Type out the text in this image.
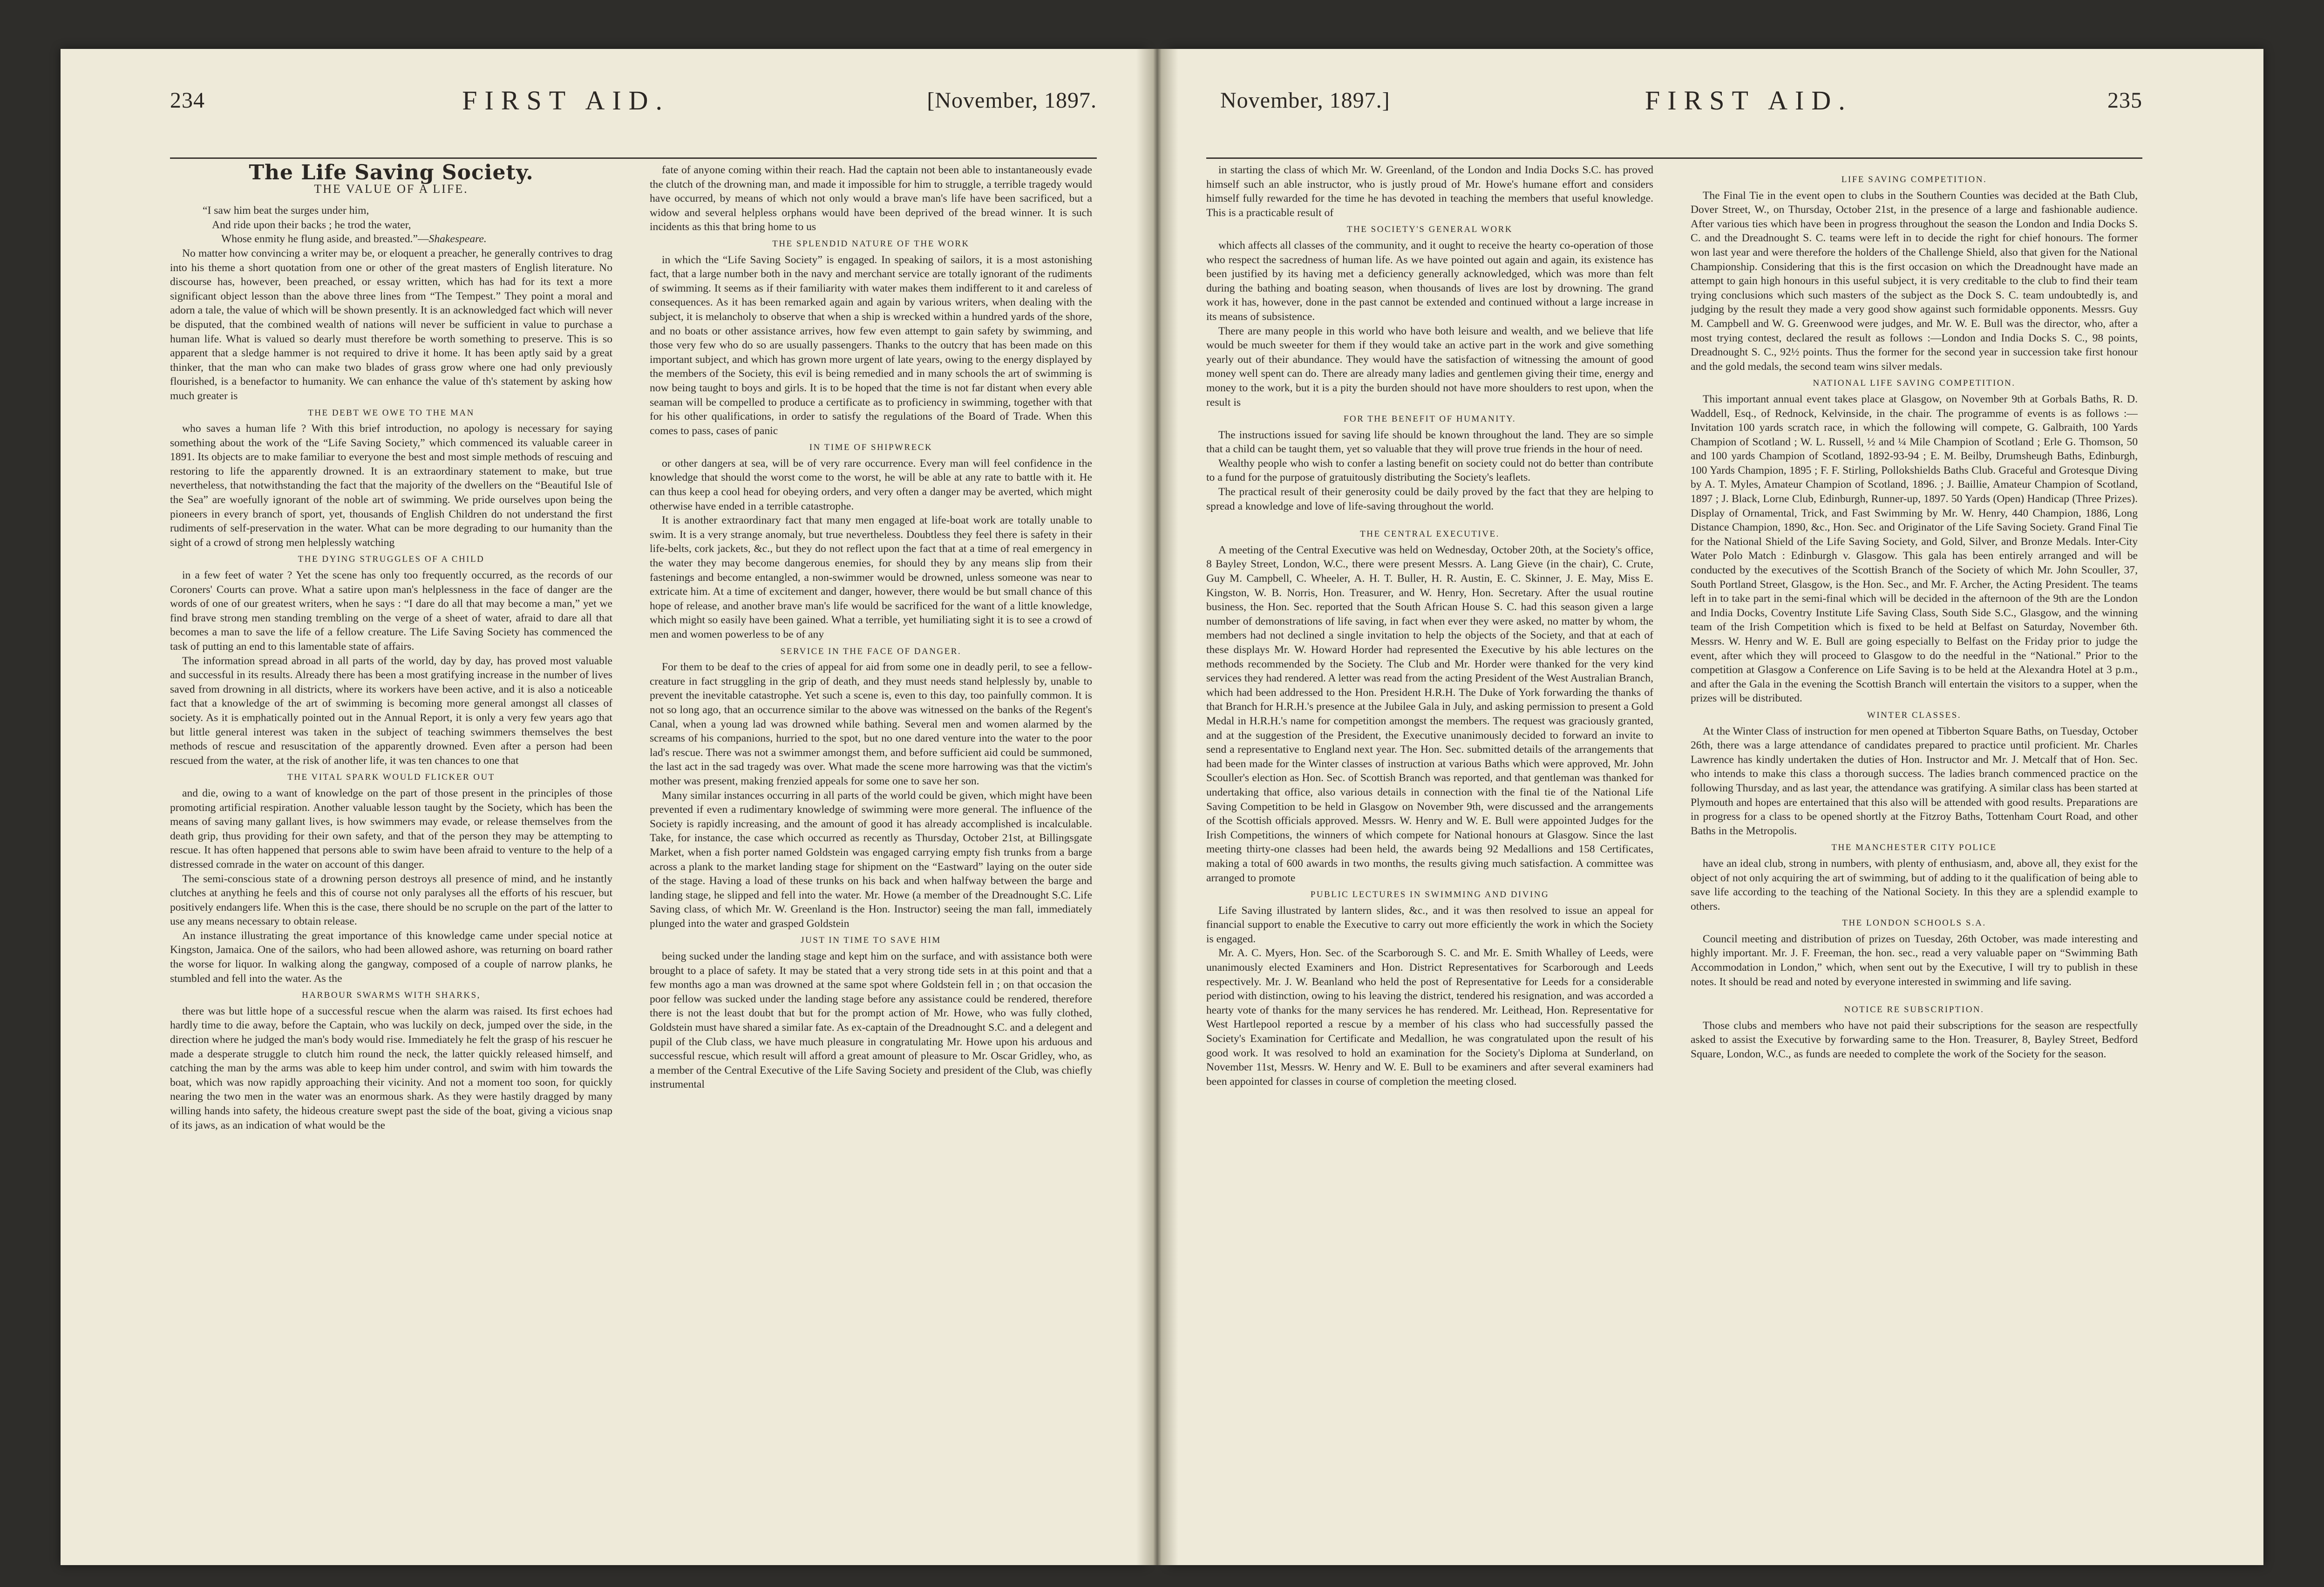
234	FIRST AID.	[November, 1897.	November, 1897.]	FIRST AID.	235
The Life Saving Society.
THE VALUE OF A LIFE.
“I saw him beat the surges under him,
And ride upon their backs ; he trod the water,
Whose enmity he flung aside, and breasted.”—Shakespeare.

No matter how convincing a writer may be, or eloquent a preacher, he generally contrives to drag into his theme a short quotation from one or other of the great masters of English literature. No discourse has, however, been preached, or essay written, which has had for its text a more significant object lesson than the above three lines from “The Tempest.” They point a moral and adorn a tale, the value of which will be shown presently. It is an acknowledged fact which will never be disputed, that the combined wealth of nations will never be sufficient in value to purchase a human life. What is valued so dearly must therefore be worth something to preserve. This is so apparent that a sledge hammer is not required to drive it home. It has been aptly said by a great thinker, that the man who can make two blades of grass grow where one had only previously flourished, is a benefactor to humanity. We can enhance the value of th's statement by asking how much greater is

THE DEBT WE OWE TO THE MAN

who saves a human life ? With this brief introduction, no apology is necessary for saying something about the work of the “Life Saving Society,” which commenced its valuable career in 1891. Its objects are to make familiar to everyone the best and most simple methods of rescuing and restoring to life the apparently drowned. It is an extraordinary statement to make, but true nevertheless, that notwithstanding the fact that the majority of the dwellers on the “Beautiful Isle of the Sea” are woefully ignorant of the noble art of swimming. We pride ourselves upon being the pioneers in every branch of sport, yet, thousands of English Children do not understand the first rudiments of self-preservation in the water. What can be more degrading to our humanity than the sight of a crowd of strong men helplessly watching

THE DYING STRUGGLES OF A CHILD

in a few feet of water ? Yet the scene has only too frequently occurred, as the records of our Coroners' Courts can prove. What a satire upon man's helplessness in the face of danger are the words of one of our greatest writers, when he says : “I dare do all that may become a man,” yet we find brave strong men standing trembling on the verge of a sheet of water, afraid to dare all that becomes a man to save the life of a fellow creature. The Life Saving Society has commenced the task of putting an end to this lamentable state of affairs.

The information spread abroad in all parts of the world, day by day, has proved most valuable and successful in its results. Already there has been a most gratifying increase in the number of lives saved from drowning in all districts, where its workers have been active, and it is also a noticeable fact that a knowledge of the art of swimming is becoming more general amongst all classes of society. As it is emphatically pointed out in the Annual Report, it is only a very few years ago that but little general interest was taken in the subject of teaching swimmers themselves the best methods of rescue and resuscitation of the apparently drowned. Even after a person had been rescued from the water, at the risk of another life, it was ten chances to one that

THE VITAL SPARK WOULD FLICKER OUT

and die, owing to a want of knowledge on the part of those present in the principles of those promoting artificial respiration. Another valuable lesson taught by the Society, which has been the means of saving many gallant lives, is how swimmers may evade, or release themselves from the death grip, thus providing for their own safety, and that of the person they may be attempting to rescue. It has often happened that persons able to swim have been afraid to venture to the help of a distressed comrade in the water on account of this danger.

The semi-conscious state of a drowning person destroys all presence of mind, and he instantly clutches at anything he feels and this of course not only paralyses all the efforts of his rescuer, but positively endangers life. When this is the case, there should be no scruple on the part of the latter to use any means necessary to obtain release.

An instance illustrating the great importance of this knowledge came under special notice at Kingston, Jamaica. One of the sailors, who had been allowed ashore, was returning on board rather the worse for liquor. In walking along the gangway, composed of a couple of narrow planks, he stumbled and fell into the water. As the

HARBOUR SWARMS WITH SHARKS,

there was but little hope of a successful rescue when the alarm was raised. Its first echoes had hardly time to die away, before the Captain, who was luckily on deck, jumped over the side, in the direction where he judged the man's body would rise. Immediately he felt the grasp of his rescuer he made a desperate struggle to clutch him round the neck, the latter quickly released himself, and catching the man by the arms was able to keep him under control, and swim with him towards the boat, which was now rapidly approaching their vicinity. And not a moment too soon, for quickly nearing the two men in the water was an enormous shark. As they were hastily dragged by many willing hands into safety, the hideous creature swept past the side of the boat, giving a vicious snap of its jaws, as an indication of what would be the

fate of anyone coming within their reach. Had the captain not been able to instantaneously evade the clutch of the drowning man, and made it impossible for him to struggle, a terrible tragedy would have occurred, by means of which not only would a brave man's life have been sacrificed, but a widow and several helpless orphans would have been deprived of the bread winner. It is such incidents as this that bring home to us

THE SPLENDID NATURE OF THE WORK

in which the “Life Saving Society” is engaged. In speaking of sailors, it is a most astonishing fact, that a large number both in the navy and merchant service are totally ignorant of the rudiments of swimming. It seems as if their familiarity with water makes them indifferent to it and careless of consequences. As it has been remarked again and again by various writers, when dealing with the subject, it is melancholy to observe that when a ship is wrecked within a hundred yards of the shore, and no boats or other assistance arrives, how few even attempt to gain safety by swimming, and those very few who do so are usually passengers. Thanks to the outcry that has been made on this important subject, and which has grown more urgent of late years, owing to the energy displayed by the members of the Society, this evil is being remedied and in many schools the art of swimming is now being taught to boys and girls. It is to be hoped that the time is not far distant when every able seaman will be compelled to produce a certificate as to proficiency in swimming, together with that for his other qualifications, in order to satisfy the regulations of the Board of Trade. When this comes to pass, cases of panic

IN TIME OF SHIPWRECK

or other dangers at sea, will be of very rare occurrence. Every man will feel confidence in the knowledge that should the worst come to the worst, he will be able at any rate to battle with it. He can thus keep a cool head for obeying orders, and very often a danger may be averted, which might otherwise have ended in a terrible catastrophe.

It is another extraordinary fact that many men engaged at life-boat work are totally unable to swim. It is a very strange anomaly, but true nevertheless. Doubtless they feel there is safety in their life-belts, cork jackets, &c., but they do not reflect upon the fact that at a time of real emergency in the water they may become dangerous enemies, for should they by any means slip from their fastenings and become entangled, a non-swimmer would be drowned, unless someone was near to extricate him. At a time of excitement and danger, however, there would be but small chance of this hope of release, and another brave man's life would be sacrificed for the want of a little knowledge, which might so easily have been gained. What a terrible, yet humiliating sight it is to see a crowd of men and women powerless to be of any

SERVICE IN THE FACE OF DANGER.

For them to be deaf to the cries of appeal for aid from some one in deadly peril, to see a fellow-creature in fact struggling in the grip of death, and they must needs stand helplessly by, unable to prevent the inevitable catastrophe. Yet such a scene is, even to this day, too painfully common. It is not so long ago, that an occurrence similar to the above was witnessed on the banks of the Regent's Canal, when a young lad was drowned while bathing. Several men and women alarmed by the screams of his companions, hurried to the spot, but no one dared venture into the water to the poor lad's rescue. There was not a swimmer amongst them, and before sufficient aid could be summoned, the last act in the sad tragedy was over. What made the scene more harrowing was that the victim's mother was present, making frenzied appeals for some one to save her son.

Many similar instances occurring in all parts of the world could be given, which might have been prevented if even a rudimentary knowledge of swimming were more general. The influence of the Society is rapidly increasing, and the amount of good it has already accomplished is incalculable. Take, for instance, the case which occurred as recently as Thursday, October 21st, at Billingsgate Market, when a fish porter named Goldstein was engaged carrying empty fish trunks from a barge across a plank to the market landing stage for shipment on the “Eastward” laying on the outer side of the stage. Having a load of these trunks on his back and when halfway between the barge and landing stage, he slipped and fell into the water. Mr. Howe (a member of the Dreadnought S.C. Life Saving class, of which Mr. W. Greenland is the Hon. Instructor) seeing the man fall, immediately plunged into the water and grasped Goldstein

JUST IN TIME TO SAVE HIM

being sucked under the landing stage and kept him on the surface, and with assistance both were brought to a place of safety. It may be stated that a very strong tide sets in at this point and that a few months ago a man was drowned at the same spot where Goldstein fell in ; on that occasion the poor fellow was sucked under the landing stage before any assistance could be rendered, therefore there is not the least doubt that but for the prompt action of Mr. Howe, who was fully clothed, Goldstein must have shared a similar fate. As ex-captain of the Dreadnought S.C. and a delegent and pupil of the Club class, we have much pleasure in congratulating Mr. Howe upon his arduous and successful rescue, which result will afford a great amount of pleasure to Mr. Oscar Gridley, who, as a member of the Central Executive of the Life Saving Society and president of the Club, was chiefly instrumental

in starting the class of which Mr. W. Greenland, of the London and India Docks S.C. has proved himself such an able instructor, who is justly proud of Mr. Howe's humane effort and considers himself fully rewarded for the time he has devoted in teaching the members that useful knowledge. This is a practicable result of

THE SOCIETY'S GENERAL WORK

which affects all classes of the community, and it ought to receive the hearty co-operation of those who respect the sacredness of human life. As we have pointed out again and again, its existence has been justified by its having met a deficiency generally acknowledged, which was more than felt during the bathing and boating season, when thousands of lives are lost by drowning. The grand work it has, however, done in the past cannot be extended and continued without a large increase in its means of subsistence.

There are many people in this world who have both leisure and wealth, and we believe that life would be much sweeter for them if they would take an active part in the work and give something yearly out of their abundance. They would have the satisfaction of witnessing the amount of good money well spent can do. There are already many ladies and gentlemen giving their time, energy and money to the work, but it is a pity the burden should not have more shoulders to rest upon, when the result is

FOR THE BENEFIT OF HUMANITY.

The instructions issued for saving life should be known throughout the land. They are so simple that a child can be taught them, yet so valuable that they will prove true friends in the hour of need.

Wealthy people who wish to confer a lasting benefit on society could not do better than contribute to a fund for the purpose of gratuitously distributing the Society's leaflets.

The practical result of their generosity could be daily proved by the fact that they are helping to spread a knowledge and love of life-saving throughout the world.

THE CENTRAL EXECUTIVE.

A meeting of the Central Executive was held on Wednesday, October 20th, at the Society's office, 8 Bayley Street, London, W.C., there were present Messrs. A. Lang Gieve (in the chair), C. Crute, Guy M. Campbell, C. Wheeler, A. H. T. Buller, H. R. Austin, E. C. Skinner, J. E. May, Miss E. Kingston, W. B. Norris, Hon. Treasurer, and W. Henry, Hon. Secretary. After the usual routine business, the Hon. Sec. reported that the South African House S. C. had this season given a large number of demonstrations of life saving, in fact when ever they were asked, no matter by whom, the members had not declined a single invitation to help the objects of the Society, and that at each of these displays Mr. W. Howard Horder had represented the Executive by his able lectures on the methods recommended by the Society. The Club and Mr. Horder were thanked for the very kind services they had rendered. A letter was read from the acting President of the West Australian Branch, which had been addressed to the Hon. President H.R.H. The Duke of York forwarding the thanks of that Branch for H.R.H.'s presence at the Jubilee Gala in July, and asking permission to present a Gold Medal in H.R.H.'s name for competition amongst the members. The request was graciously granted, and at the suggestion of the President, the Executive unanimously decided to forward an invite to send a representative to England next year. The Hon. Sec. submitted details of the arrangements that had been made for the Winter classes of instruction at various Baths which were approved, Mr. John Scouller's election as Hon. Sec. of Scottish Branch was reported, and that gentleman was thanked for undertaking that office, also various details in connection with the final tie of the National Life Saving Competition to be held in Glasgow on November 9th, were discussed and the arrangements of the Scottish officials approved. Messrs. W. Henry and W. E. Bull were appointed Judges for the Irish Competitions, the winners of which compete for National honours at Glasgow. Since the last meeting thirty-one classes had been held, the awards being 92 Medallions and 158 Certificates, making a total of 600 awards in two months, the results giving much satisfaction. A committee was arranged to promote

PUBLIC LECTURES IN SWIMMING AND DIVING

Life Saving illustrated by lantern slides, &c., and it was then resolved to issue an appeal for financial support to enable the Executive to carry out more efficiently the work in which the Society is engaged.

Mr. A. C. Myers, Hon. Sec. of the Scarborough S. C. and Mr. E. Smith Whalley of Leeds, were unanimously elected Examiners and Hon. District Representatives for Scarborough and Leeds respectively. Mr. J. W. Beanland who held the post of Representative for Leeds for a considerable period with distinction, owing to his leaving the district, tendered his resignation, and was accorded a hearty vote of thanks for the many services he has rendered. Mr. Leithead, Hon. Representative for West Hartlepool reported a rescue by a member of his class who had successfully passed the Society's Examination for Certificate and Medallion, he was congratulated upon the result of his good work. It was resolved to hold an examination for the Society's Diploma at Sunderland, on November 11st, Messrs. W. Henry and W. E. Bull to be examiners and after several examiners had been appointed for classes in course of completion the meeting closed.

LIFE SAVING COMPETITION.

The Final Tie in the event open to clubs in the Southern Counties was decided at the Bath Club, Dover Street, W., on Thursday, October 21st, in the presence of a large and fashionable audience. After various ties which have been in progress throughout the season the London and India Docks S. C. and the Dreadnought S. C. teams were left in to decide the right for chief honours. The former won last year and were therefore the holders of the Challenge Shield, also that given for the National Championship. Considering that this is the first occasion on which the Dreadnought have made an attempt to gain high honours in this useful subject, it is very creditable to the club to find their team trying conclusions which such masters of the subject as the Dock S. C. team undoubtedly is, and judging by the result they made a very good show against such formidable opponents. Messrs. Guy M. Campbell and W. G. Greenwood were judges, and Mr. W. E. Bull was the director, who, after a most trying contest, declared the result as follows :—London and India Docks S. C., 98 points, Dreadnought S. C., 92½ points. Thus the former for the second year in succession take first honour and the gold medals, the second team wins silver medals.

NATIONAL LIFE SAVING COMPETITION.

This important annual event takes place at Glasgow, on November 9th at Gorbals Baths, R. D. Waddell, Esq., of Rednock, Kelvinside, in the chair. The programme of events is as follows :—Invitation 100 yards scratch race, in which the following will compete, G. Galbraith, 100 Yards Champion of Scotland ; W. L. Russell, ½ and ¼ Mile Champion of Scotland ; Erle G. Thomson, 50 and 100 yards Champion of Scotland, 1892-93-94 ; E. M. Beilby, Drumsheugh Baths, Edinburgh, 100 Yards Champion, 1895 ; F. F. Stirling, Pollokshields Baths Club. Graceful and Grotesque Diving by A. T. Myles, Amateur Champion of Scotland, 1896. ; J. Baillie, Amateur Champion of Scotland, 1897 ; J. Black, Lorne Club, Edinburgh, Runner-up, 1897. 50 Yards (Open) Handicap (Three Prizes). Display of Ornamental, Trick, and Fast Swimming by Mr. W. Henry, 440 Champion, 1886, Long Distance Champion, 1890, &c., Hon. Sec. and Originator of the Life Saving Society. Grand Final Tie for the National Shield of the Life Saving Society, and Gold, Silver, and Bronze Medals. Inter-City Water Polo Match : Edinburgh v. Glasgow. This gala has been entirely arranged and will be conducted by the executives of the Scottish Branch of the Society of which Mr. John Scouller, 37, South Portland Street, Glasgow, is the Hon. Sec., and Mr. F. Archer, the Acting President. The teams left in to take part in the semi-final which will be decided in the afternoon of the 9th are the London and India Docks, Coventry Institute Life Saving Class, South Side S.C., Glasgow, and the winning team of the Irish Competition which is fixed to be held at Belfast on Saturday, November 6th. Messrs. W. Henry and W. E. Bull are going especially to Belfast on the Friday prior to judge the event, after which they will proceed to Glasgow to do the needful in the “National.” Prior to the competition at Glasgow a Conference on Life Saving is to be held at the Alexandra Hotel at 3 p.m., and after the Gala in the evening the Scottish Branch will entertain the visitors to a supper, when the prizes will be distributed.

WINTER CLASSES.

At the Winter Class of instruction for men opened at Tibberton Square Baths, on Tuesday, October 26th, there was a large attendance of candidates prepared to practice until proficient. Mr. Charles Lawrence has kindly undertaken the duties of Hon. Instructor and Mr. J. Metcalf that of Hon. Sec. who intends to make this class a thorough success. The ladies branch commenced practice on the following Thursday, and as last year, the attendance was gratifying. A similar class has been started at Plymouth and hopes are entertained that this also will be attended with good results. Preparations are in progress for a class to be opened shortly at the Fitzroy Baths, Tottenham Court Road, and other Baths in the Metropolis.

THE MANCHESTER CITY POLICE

have an ideal club, strong in numbers, with plenty of enthusiasm, and, above all, they exist for the object of not only acquiring the art of swimming, but of adding to it the qualification of being able to save life according to the teaching of the National Society. In this they are a splendid example to others.

THE LONDON SCHOOLS S.A.

Council meeting and distribution of prizes on Tuesday, 26th October, was made interesting and highly important. Mr. J. F. Freeman, the hon. sec., read a very valuable paper on “Swimming Bath Accommodation in London,” which, when sent out by the Executive, I will try to publish in these notes. It should be read and noted by everyone interested in swimming and life saving.

NOTICE RE SUBSCRIPTION.

Those clubs and members who have not paid their subscriptions for the season are respectfully asked to assist the Executive by forwarding same to the Hon. Treasurer, 8, Bayley Street, Bedford Square, London, W.C., as funds are needed to complete the work of the Society for the season.
